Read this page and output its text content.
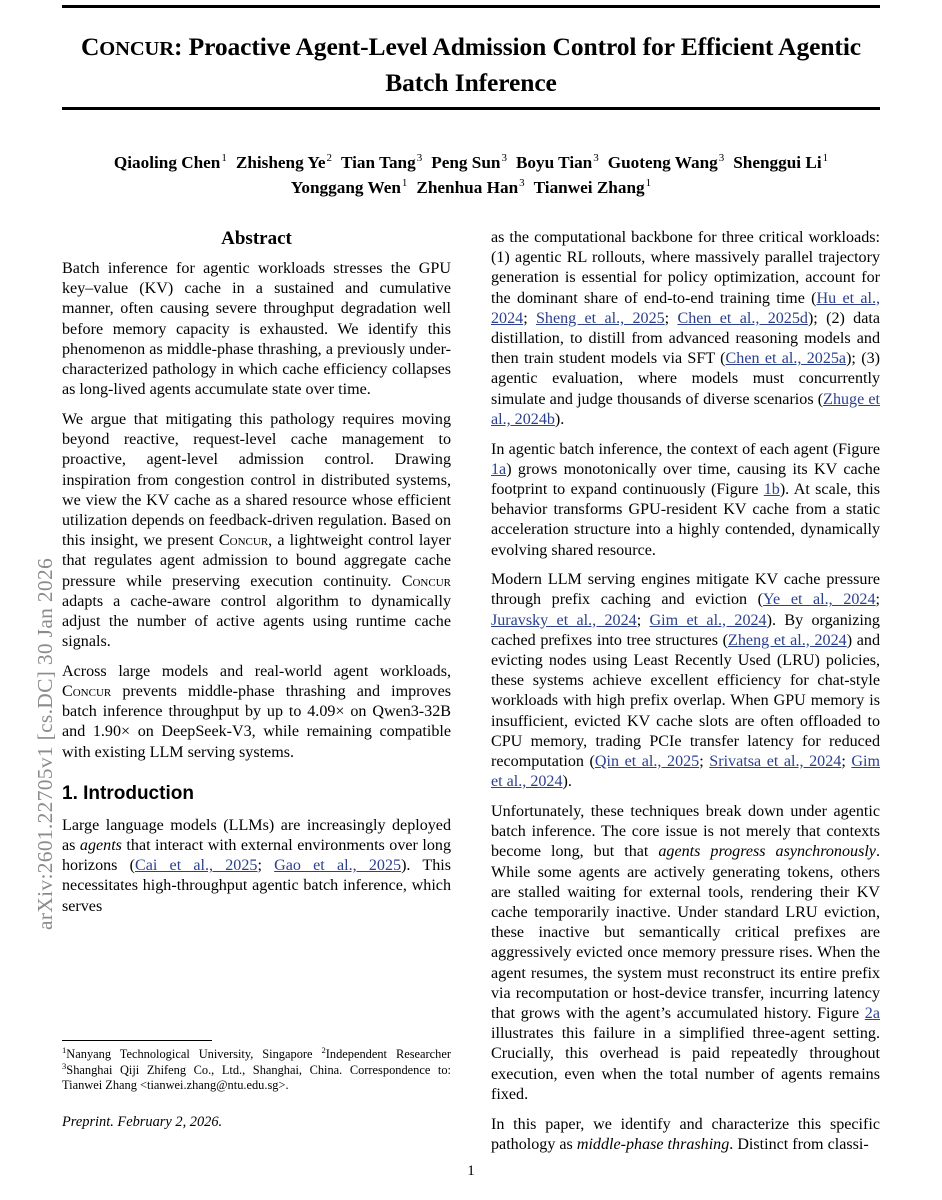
arXiv:2601.22705v1 [cs.DC] 30 Jan 2026
CONCUR: Proactive Agent-Level Admission Control for Efficient Agentic Batch Inference
Qiaoling Chen$^1$ Zhisheng Ye$^2$ Tian Tang$^3$ Peng Sun$^3$ Boyu Tian$^3$ Guoteng Wang$^3$ Shenggui Li$^1$
Yonggang Wen$^1$ Zhenhua Han$^3$ Tianwei Zhang$^1$
Abstract

Batch inference for agentic workloads stresses the GPU key–value (KV) cache in a sustained and cumulative manner, often causing severe throughput degradation well before memory capacity is exhausted. We identify this phenomenon as middle-phase thrashing, a previously under-characterized pathology in which cache efficiency collapses as long-lived agents accumulate state over time.

We argue that mitigating this pathology requires moving beyond reactive, request-level cache management to proactive, agent-level admission control. Drawing inspiration from congestion control in distributed systems, we view the KV cache as a shared resource whose efficient utilization depends on feedback-driven regulation. Based on this insight, we present Concur, a lightweight control layer that regulates agent admission to bound aggregate cache pressure while preserving execution continuity. Concur adapts a cache-aware control algorithm to dynamically adjust the number of active agents using runtime cache signals.

Across large models and real-world agent workloads, Concur prevents middle-phase thrashing and improves batch inference throughput by up to 4.09× on Qwen3-32B and 1.90× on DeepSeek-V3, while remaining compatible with existing LLM serving systems.

1. Introduction

Large language models (LLMs) are increasingly deployed as agents that interact with external environments over long horizons (Cai et al., 2025; Gao et al., 2025). This necessitates high-throughput agentic batch inference, which serves

as the computational backbone for three critical workloads: (1) agentic RL rollouts, where massively parallel trajectory generation is essential for policy optimization, account for the dominant share of end-to-end training time (Hu et al., 2024; Sheng et al., 2025; Chen et al., 2025d); (2) data distillation, to distill from advanced reasoning models and then train student models via SFT (Chen et al., 2025a); (3) agentic evaluation, where models must concurrently simulate and judge thousands of diverse scenarios (Zhuge et al., 2024b).

In agentic batch inference, the context of each agent (Figure 1a) grows monotonically over time, causing its KV cache footprint to expand continuously (Figure 1b). At scale, this behavior transforms GPU-resident KV cache from a static acceleration structure into a highly contended, dynamically evolving shared resource.

Modern LLM serving engines mitigate KV cache pressure through prefix caching and eviction (Ye et al., 2024; Juravsky et al., 2024; Gim et al., 2024). By organizing cached prefixes into tree structures (Zheng et al., 2024) and evicting nodes using Least Recently Used (LRU) policies, these systems achieve excellent efficiency for chat-style workloads with high prefix overlap. When GPU memory is insufficient, evicted KV cache slots are often offloaded to CPU memory, trading PCIe transfer latency for reduced recomputation (Qin et al., 2025; Srivatsa et al., 2024; Gim et al., 2024).

Unfortunately, these techniques break down under agentic batch inference. The core issue is not merely that contexts become long, but that agents progress asynchronously. While some agents are actively generating tokens, others are stalled waiting for external tools, rendering their KV cache temporarily inactive. Under standard LRU eviction, these inactive but semantically critical prefixes are aggressively evicted once memory pressure rises. When the agent resumes, the system must reconstruct its entire prefix via recomputation or host-device transfer, incurring latency that grows with the agent’s accumulated history. Figure 2a illustrates this failure in a simplified three-agent setting. Crucially, this overhead is paid repeatedly throughout execution, even when the total number of agents remains fixed.

In this paper, we identify and characterize this specific pathology as middle-phase thrashing. Distinct from classi-

$^1$Nanyang Technological University, Singapore $^2$Independent Researcher $^3$Shanghai Qiji Zhifeng Co., Ltd., Shanghai, China. Correspondence to: Tianwei Zhang <tianwei.zhang@ntu.edu.sg>.

Preprint. February 2, 2026.
1
